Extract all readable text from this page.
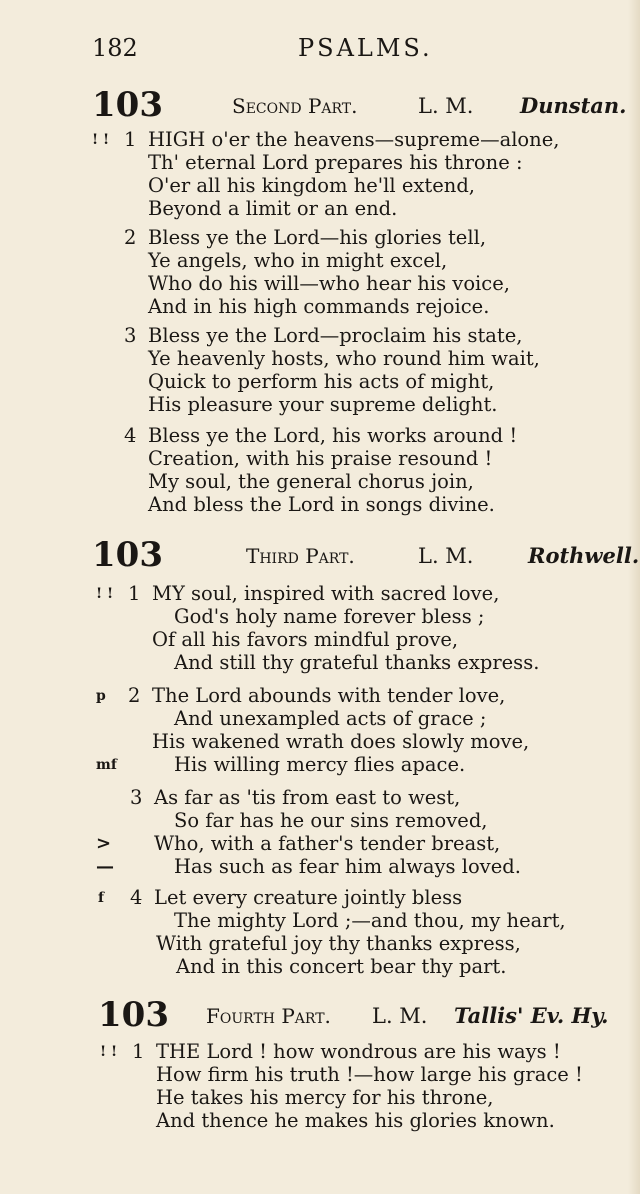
182	PSALMS.
103	Second Part.	L. M. Dunstan.
! ! 1 HIGH o'er the heavens—supreme—alone,
Th' eternal Lord prepares his throne :
O'er all his kingdom he'll extend,
Beyond a limit or an end.
2 Bless ye the Lord—his glories tell,
Ye angels, who in might excel,
Who do his will—who hear his voice,
And in his high commands rejoice.
3 Bless ye the Lord—proclaim his state,
Ye heavenly hosts, who round him wait,
Quick to perform his acts of might,
His pleasure your supreme delight.
4 Bless ye the Lord, his works around !
Creation, with his praise resound !
My soul, the general chorus join,
And bless the Lord in songs divine.
103	Third Part.	L. M.	Rothwell.
! ! 1 MY soul, inspired with sacred love,
God's holy name forever bless ;
Of all his favors mindful prove,
And still thy grateful thanks express.
p 2 The Lord abounds with tender love,
And unexampled acts of grace ;
His wakened wrath does slowly move,
mf	His willing mercy flies apace.
3 As far as 'tis from east to west,
So far has he our sins removed,
> Who, with a father's tender breast,
—	Has such as fear him always loved.
f 4 Let every creature jointly bless
The mighty Lord ;—and thou, my heart,
With grateful joy thy thanks express,
And in this concert bear thy part.
103 Fourth Part. L. M. Tallis' Ev. Hy.
! ! 1 THE Lord ! how wondrous are his ways !
How firm his truth !—how large his grace !
He takes his mercy for his throne,
And thence he makes his glories known.
